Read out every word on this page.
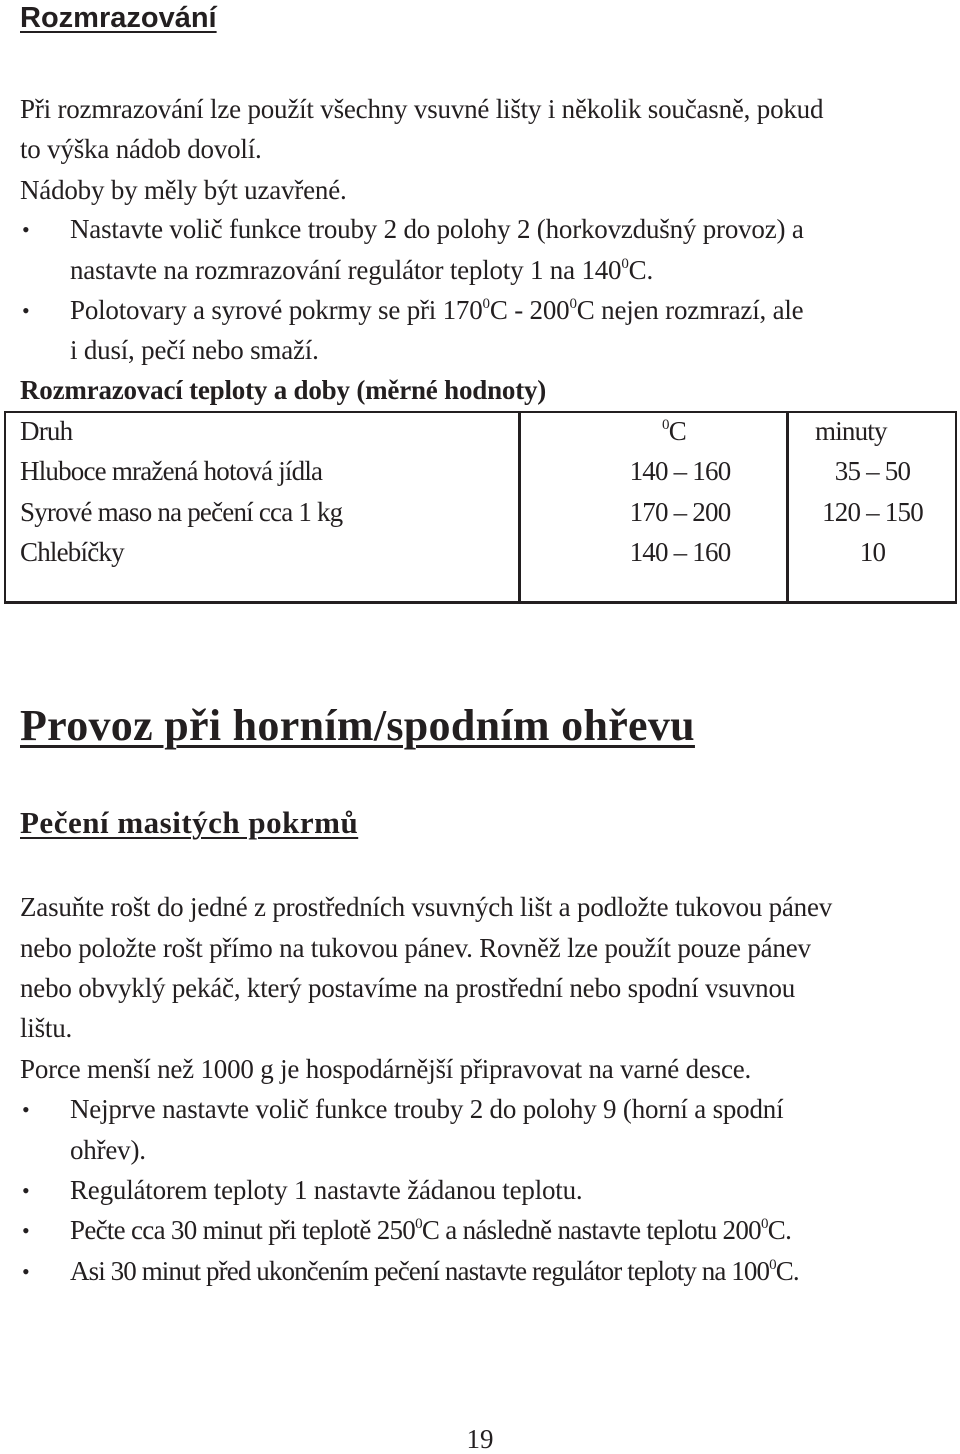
Rozmrazování
Při rozmrazování lze použít všechny vsuvné lišty i několik současně, pokud
to výška nádob dovolí.
Nádoby by měly být uzavřené.
• Nastavte volič funkce trouby 2 do polohy 2 (horkovzdušný provoz) a
nastavte na rozmrazování regulátor teploty 1 na $140^0C$.
• Polotovary a syrové pokrmy se při $170^0C - 200^0C$ nejen rozmrazí, ale
i dusí, pečí nebo smaží.
Rozmrazovací teploty a doby (měrné hodnoty)
Druh	$^0$C	minuty
Hluboce mražená hotová jídla	140 – 160	35 – 50
Syrové maso na pečení cca 1 kg	170 – 200	120 – 150
Chlebíčky	140 – 160	10
Provoz při horním/spodním ohřevu
Pečení masitých pokrmů
Zasuňte rošt do jedné z prostředních vsuvných lišt a podložte tukovou pánev
nebo položte rošt přímo na tukovou pánev. Rovněž lze použít pouze pánev
nebo obvyklý pekáč, který postavíme na prostřední nebo spodní vsuvnou
lištu.
Porce menší než 1000 g je hospodárnější připravovat na varné desce.
• Nejprve nastavte volič funkce trouby 2 do polohy 9 (horní a spodní
ohřev).
• Regulátorem teploty 1 nastavte žádanou teplotu.
• Pečte cca 30 minut při teplotě $250^0C$ a následně nastavte teplotu $200^0C$.
• Asi 30 minut před ukončením pečení nastavte regulátor teploty na $100^0C$.
19
